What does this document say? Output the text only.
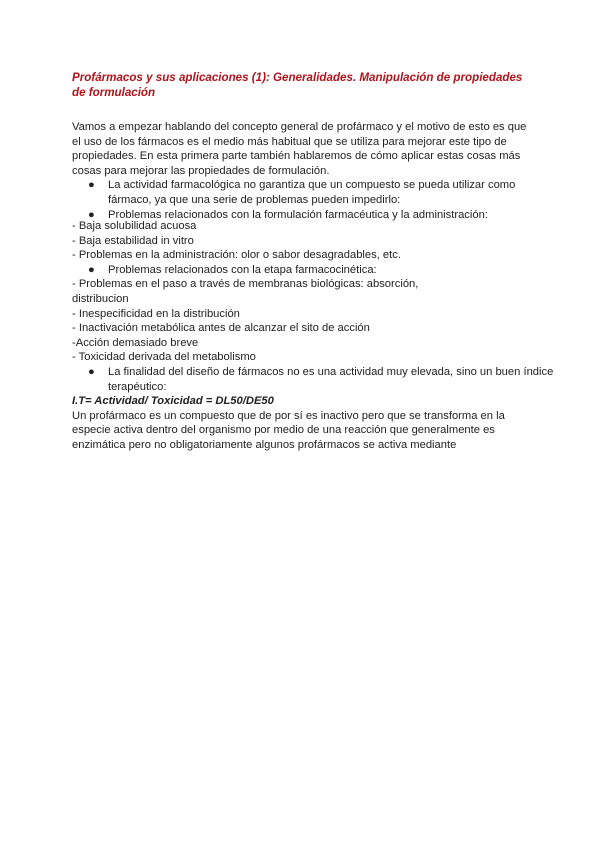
Profármacos y sus aplicaciones (1): Generalidades. Manipulación de propiedades de formulación

Vamos a empezar hablando del concepto general de profármaco y el motivo de esto es que el uso de los fármacos es el medio más habitual que se utiliza para mejorar este tipo de propiedades. En esta primera parte también hablaremos de cómo aplicar estas cosas más cosas para mejorar las propiedades de formulación.

● La actividad farmacológica no garantiza que un compuesto se pueda utilizar como fármaco, ya que una serie de problemas pueden impedirlo:
● Problemas relacionados con la formulación farmacéutica y la administración:
- Baja solubilidad acuosa
- Baja estabilidad in vitro
- Problemas en la administración: olor o sabor desagradables, etc.
● Problemas relacionados con la etapa farmacocinética:
- Problemas en el paso a través de membranas biológicas: absorción,
distribucion
- Inespecificidad en la distribución
- Inactivación metabólica antes de alcanzar el sito de acción
-Acción demasiado breve
- Toxicidad derivada del metabolismo
● La finalidad del diseño de fármacos no es una actividad muy elevada, sino un buen índice terapéutico:
I.T= Actividad/ Toxicidad = DL50/DE50

Un profármaco es un compuesto que de por sí es inactivo pero que se transforma en la especie activa dentro del organismo por medio de una reacción que generalmente es enzimática pero no obligatoriamente algunos profármacos se activa mediante
